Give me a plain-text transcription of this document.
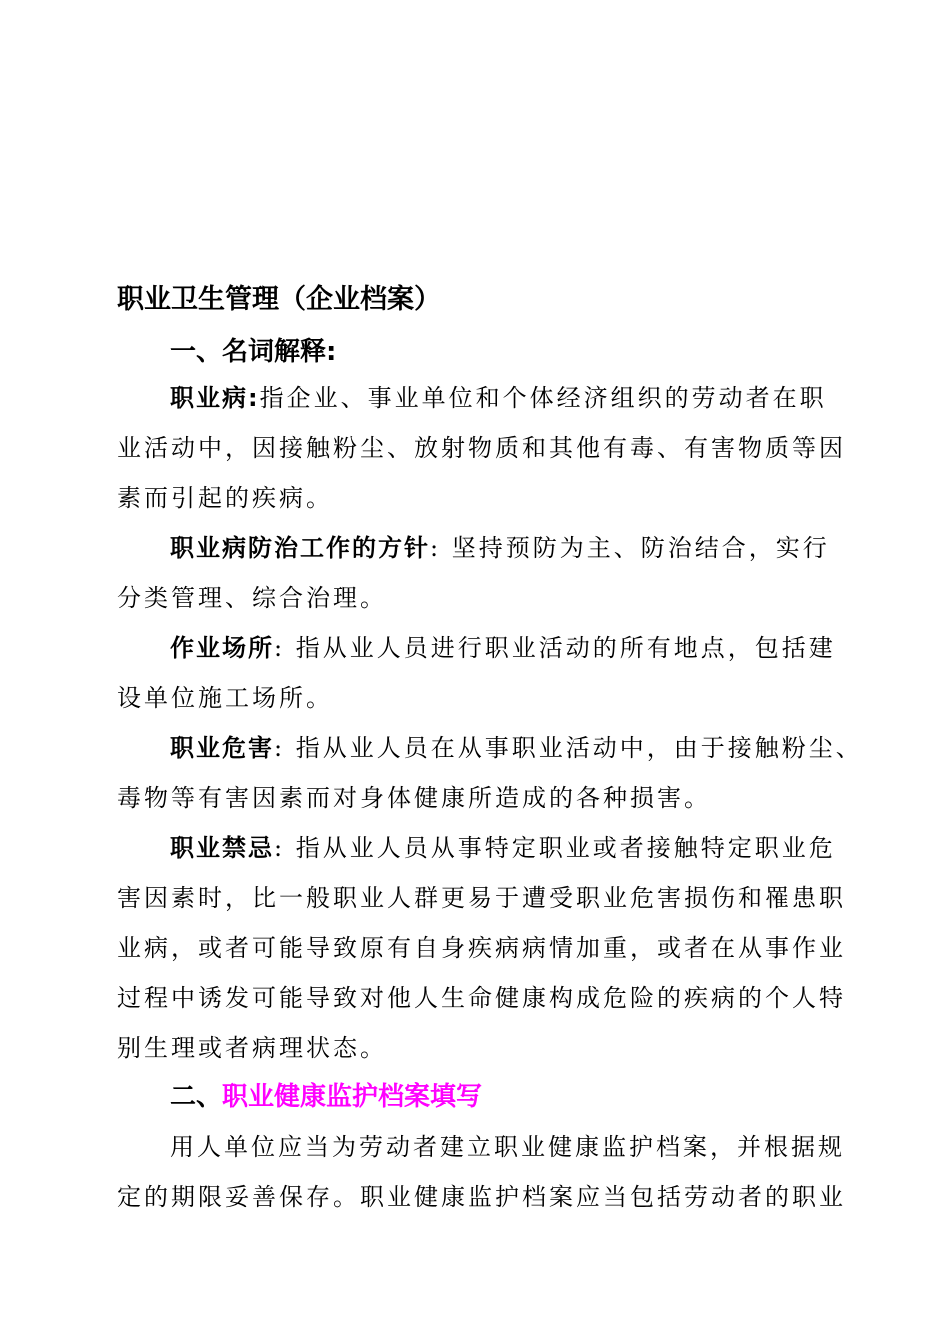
职业卫生管理（企业档案）
一、名词解释:
职业病:指企业、事业单位和个体经济组织的劳动者在职
业活动中，因接触粉尘、放射物质和其他有毒、有害物质等因
素而引起的疾病。
职业病防治工作的方针: 坚持预防为主、防治结合，实行
分类管理、综合治理。
作业场所: 指从业人员进行职业活动的所有地点，包括建
设单位施工场所。
职业危害: 指从业人员在从事职业活动中，由于接触粉尘、
毒物等有害因素而对身体健康所造成的各种损害。
职业禁忌: 指从业人员从事特定职业或者接触特定职业危
害因素时，比一般职业人群更易于遭受职业危害损伤和罹患职
业病，或者可能导致原有自身疾病病情加重，或者在从事作业
过程中诱发可能导致对他人生命健康构成危险的疾病的个人特
别生理或者病理状态。
二、职业健康监护档案填写
用人单位应当为劳动者建立职业健康监护档案，并根据规
定的期限妥善保存。职业健康监护档案应当包括劳动者的职业
